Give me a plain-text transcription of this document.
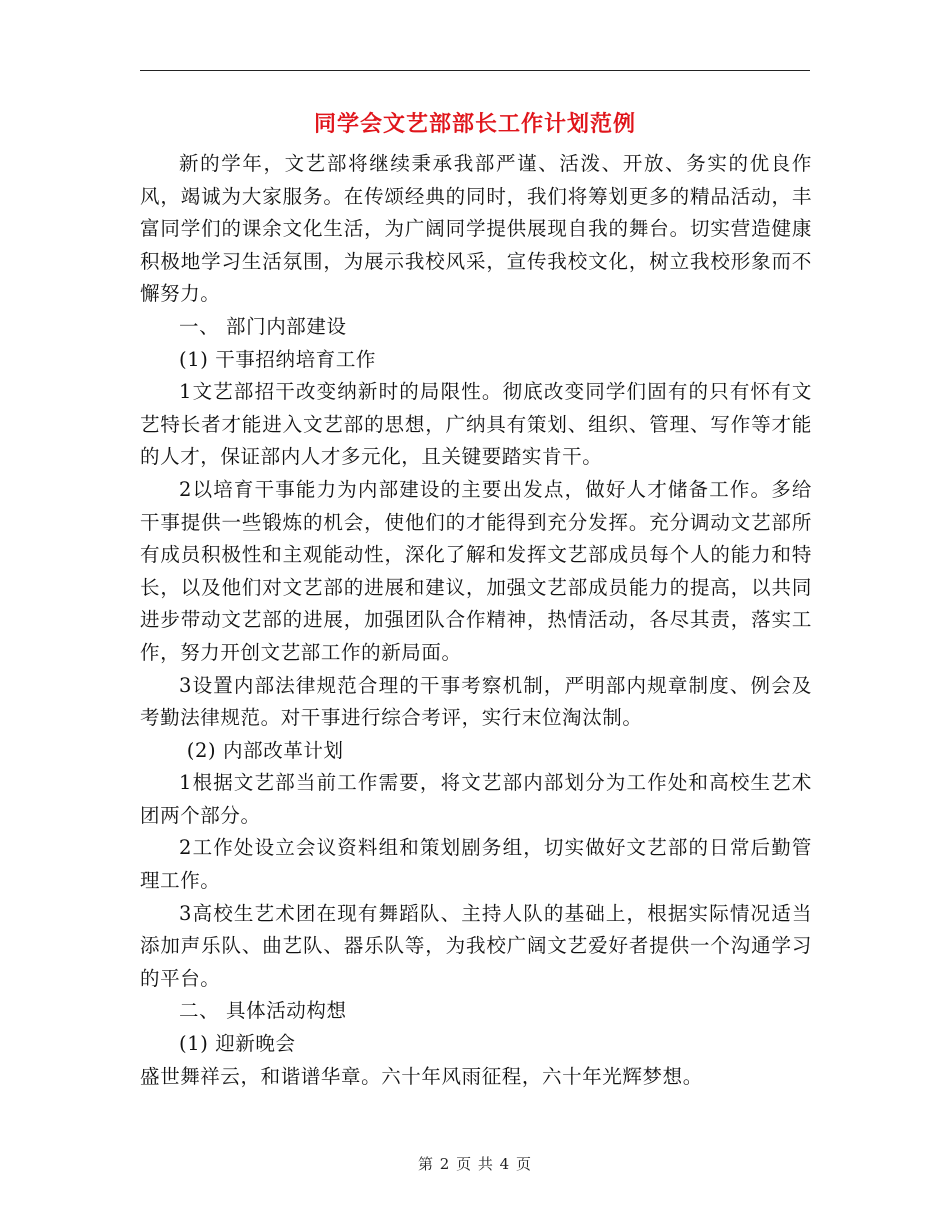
同学会文艺部部长工作计划范例

新的学年，文艺部将继续秉承我部严谨、活泼、开放、务实的优良作风，竭诚为大家服务。在传颂经典的同时，我们将筹划更多的精品活动，丰富同学们的课余文化生活，为广阔同学提供展现自我的舞台。切实营造健康积极地学习生活氛围，为展示我校风采，宣传我校文化，树立我校形象而不懈努力。

一、 部门内部建设

(1) 干事招纳培育工作

1文艺部招干改变纳新时的局限性。彻底改变同学们固有的只有怀有文艺特长者才能进入文艺部的思想，广纳具有策划、组织、管理、写作等才能的人才，保证部内人才多元化，且关键要踏实肯干。

2以培育干事能力为内部建设的主要出发点，做好人才储备工作。多给干事提供一些锻炼的机会，使他们的才能得到充分发挥。充分调动文艺部所有成员积极性和主观能动性，深化了解和发挥文艺部成员每个人的能力和特长，以及他们对文艺部的进展和建议，加强文艺部成员能力的提高，以共同进步带动文艺部的进展，加强团队合作精神，热情活动，各尽其责，落实工作，努力开创文艺部工作的新局面。

3设置内部法律规范合理的干事考察机制，严明部内规章制度、例会及考勤法律规范。对干事进行综合考评，实行末位淘汰制。

(2) 内部改革计划

1根据文艺部当前工作需要，将文艺部内部划分为工作处和高校生艺术团两个部分。

2工作处设立会议资料组和策划剧务组，切实做好文艺部的日常后勤管理工作。

3高校生艺术团在现有舞蹈队、主持人队的基础上，根据实际情况适当添加声乐队、曲艺队、器乐队等，为我校广阔文艺爱好者提供一个沟通学习的平台。

二、 具体活动构想

(1) 迎新晚会

盛世舞祥云，和谐谱华章。六十年风雨征程，六十年光辉梦想。

第 2 页 共 4 页
